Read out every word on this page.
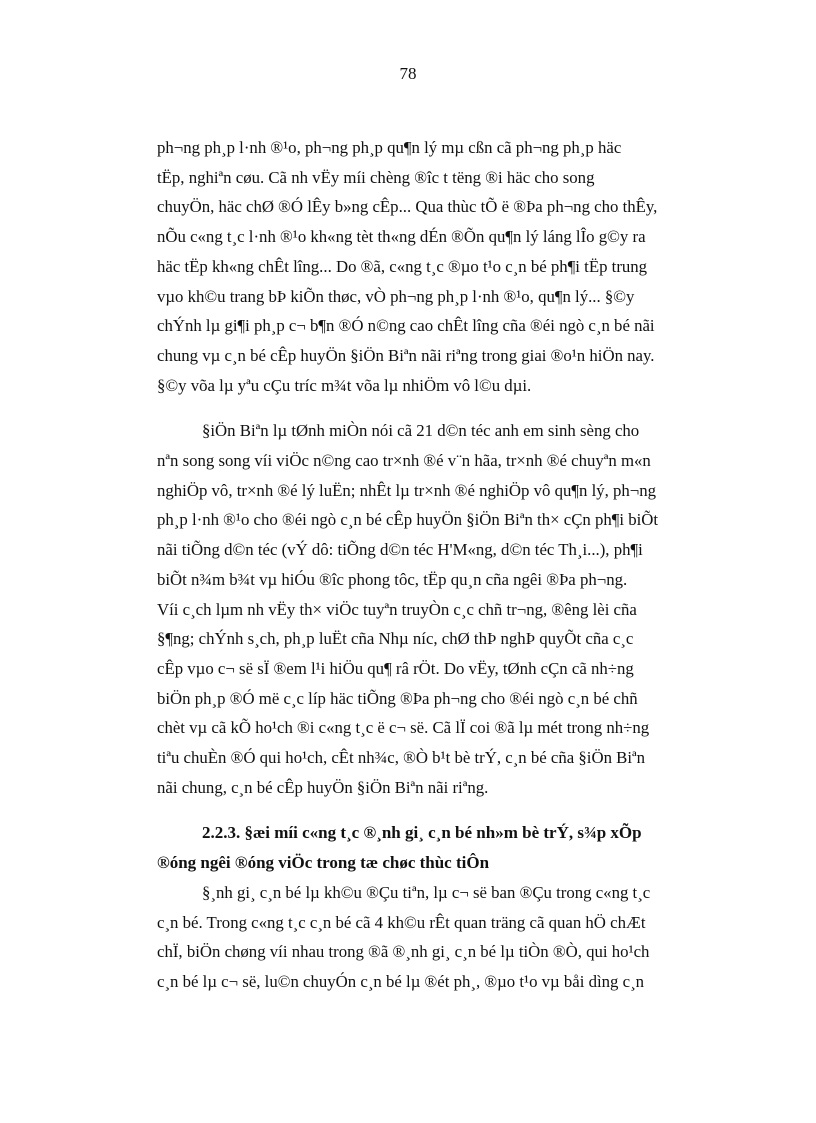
78

ph¬ng ph¸p l·nh ®¹o, ph¬ng ph¸p qu¶n lý mµ cßn cã ph¬ng ph¸p häc

tËp, nghiªn cøu. Cã nh vËy míi chèng ®îc t tëng ®i häc cho song

chuyÖn, häc chØ ®Ó lÊy b»ng cÊp... Qua thùc tÕ ë ®Þa ph¬ng cho thÊy,

nÕu c«ng t¸c l·nh ®¹o kh«ng tèt th«ng dÉn ®Õn qu¶n lý láng lÎo g©y ra

häc tËp kh«ng chÊt lîng... Do ®ã, c«ng t¸c ®µo t¹o c¸n bé ph¶i tËp trung

vµo kh©u trang bÞ kiÕn thøc, vÒ ph¬ng ph¸p l·nh ®¹o, qu¶n lý... §©y

chÝnh lµ gi¶i ph¸p c¬ b¶n ®Ó n©ng cao chÊt lîng cña ®éi ngò c¸n bé nãi

chung vµ c¸n bé cÊp huyÖn §iÖn Biªn nãi riªng trong giai ®o¹n hiÖn nay.

§©y võa lµ yªu cÇu tríc m¾t võa lµ nhiÖm vô l©u dµi.

§iÖn Biªn lµ tØnh miÒn nói cã 21 d©n téc anh em sinh sèng cho

nªn song song víi viÖc n©ng cao tr×nh ®é v¨n hãa, tr×nh ®é chuyªn m«n

nghiÖp vô, tr×nh ®é lý luËn; nhÊt lµ tr×nh ®é nghiÖp vô qu¶n lý, ph¬ng

ph¸p l·nh ®¹o cho ®éi ngò c¸n bé cÊp huyÖn §iÖn Biªn th× cÇn ph¶i biÕt

nãi tiÕng d©n téc (vÝ dô: tiÕng d©n téc H'M«ng, d©n téc Th¸i...), ph¶i

biÕt n¾m b¾t vµ hiÓu ®îc phong tôc, tËp qu¸n cña ngêi ®Þa ph¬ng.

Víi c¸ch lµm nh vËy th× viÖc tuyªn truyÒn c¸c chñ tr¬ng, ®êng lèi cña

§¶ng; chÝnh s¸ch, ph¸p luËt cña Nhµ níc, chØ thÞ nghÞ quyÕt cña c¸c

cÊp vµo c¬ së sÏ ®em l¹i hiÖu qu¶ râ rÖt. Do vËy, tØnh cÇn cã nh÷ng

biÖn ph¸p ®Ó më c¸c líp häc tiÕng ®Þa ph¬ng cho ®éi ngò c¸n bé chñ

chèt vµ cã kÕ ho¹ch ®i c«ng t¸c ë c¬ së. Cã lÏ coi ®ã lµ mét trong nh÷ng

tiªu chuÈn ®Ó qui ho¹ch, cÊt nh¾c, ®Ò b¹t bè trÝ, c¸n bé cña §iÖn Biªn

nãi chung, c¸n bé cÊp huyÖn §iÖn Biªn nãi riªng.

2.2.3. §æi míi c«ng t¸c ®¸nh gi¸ c¸n bé nh»m bè trÝ, s¾p xÕp

®óng ngêi ®óng viÖc trong tæ chøc thùc tiÔn

§¸nh gi¸ c¸n bé lµ kh©u ®Çu tiªn, lµ c¬ së ban ®Çu trong c«ng t¸c

c¸n bé. Trong c«ng t¸c c¸n bé cã 4 kh©u rÊt quan träng cã quan hÖ chÆt

chÏ, biÖn chøng víi nhau trong ®ã ®¸nh gi¸ c¸n bé lµ tiÒn ®Ò, qui ho¹ch

c¸n bé lµ c¬ së, lu©n chuyÓn c¸n bé lµ ®ét ph¸, ®µo t¹o vµ båi dìng c¸n
